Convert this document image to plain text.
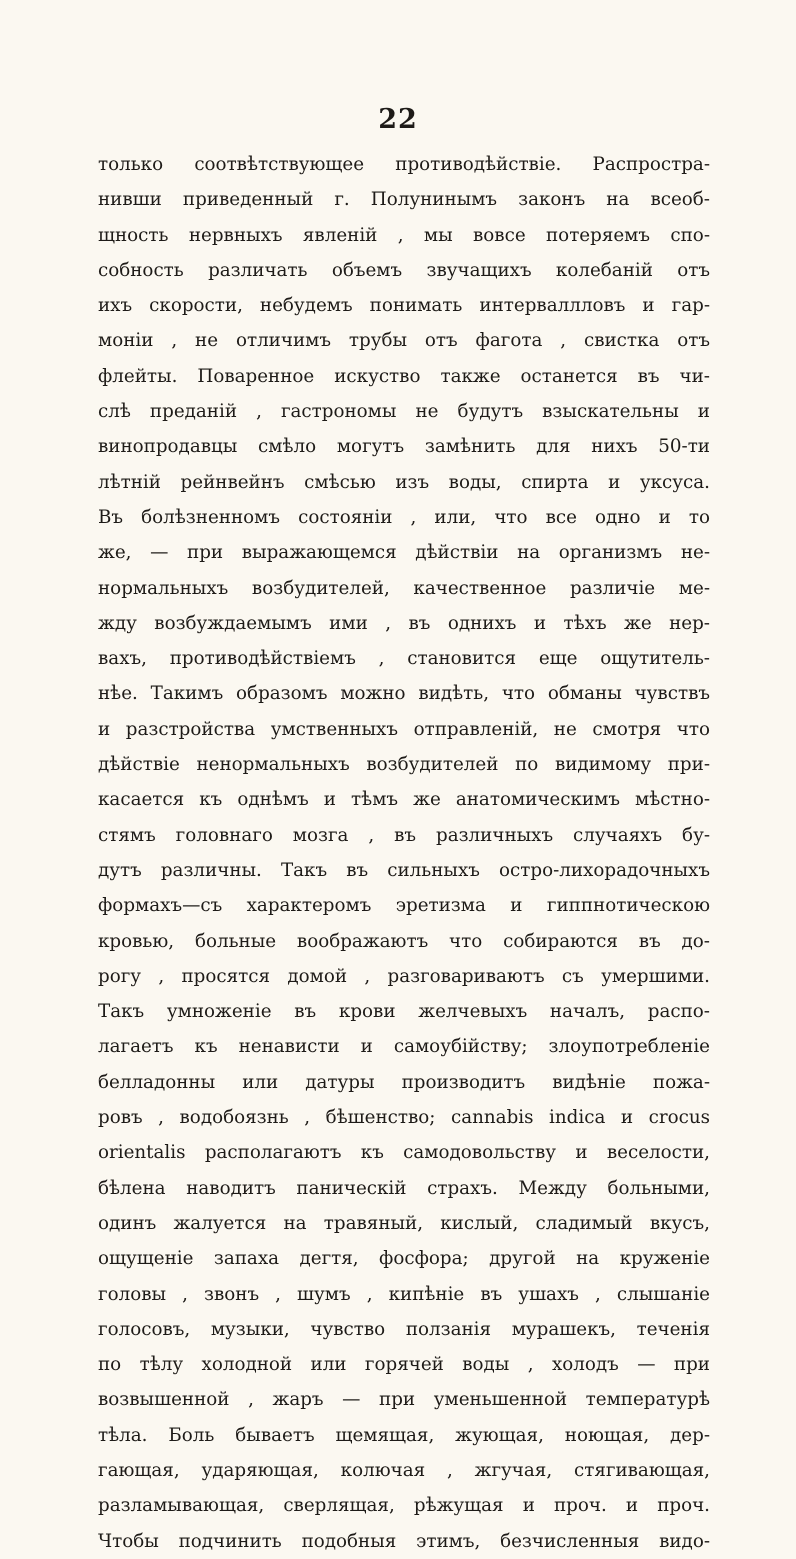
22
только соотвѣтствующее противодѣйствіе. Распростра-
нивши приведенный г. Полунинымъ законъ на всеоб-
щность нервныхъ явленій , мы вовсе потеряемъ спо-
собность различать объемъ звучащихъ колебаній отъ
ихъ скорости, небудемъ понимать интерваллловъ и гар-
моніи , не отличимъ трубы отъ фагота , свистка отъ
флейты. Поваренное искуство также останется въ чи-
слѣ преданій , гастрономы не будутъ взыскательны и
винопродавцы смѣло могутъ замѣнить для нихъ 50-ти
лѣтній рейнвейнъ смѣсью изъ воды, спирта и уксуса.
Въ болѣзненномъ состояніи , или, что все одно и то
же, — при выражающемся дѣйствіи на организмъ не-
нормальныхъ возбудителей, качественное различіе ме-
жду возбуждаемымъ ими , въ однихъ и тѣхъ же нер-
вахъ, противодѣйствіемъ , становится еще ощутитель-
нѣе. Такимъ образомъ можно видѣть, что обманы чувствъ
и разстройства умственныхъ отправленій, не смотря что
дѣйствіе ненормальныхъ возбудителей по видимому при-
касается къ однѣмъ и тѣмъ же анатомическимъ мѣстно-
стямъ головнаго мозга , въ различныхъ случаяхъ бу-
дутъ различны. Такъ въ сильныхъ остро-лихорадочныхъ
формахъ—съ характеромъ эретизма и гиппнотическою
кровью, больные воображаютъ что собираются въ до-
рогу , просятся домой , разговариваютъ съ умершими.
Такъ умноженіе въ крови желчевыхъ началъ, распо-
лагаетъ къ ненависти и самоубійству; злоупотребленіе
белладонны или датуры производитъ видѣніе пожа-
ровъ , водобоязнь , бѣшенство; cannabis indica и crocus
orientalis располагаютъ къ самодовольству и веселости,
бѣлена наводитъ паническій страхъ. Между больными,
одинъ жалуется на травяный, кислый, сладимый вкусъ,
ощущеніе запаха дегтя, фосфора; другой на круженіе
головы , звонъ , шумъ , кипѣніе въ ушахъ , слышаніе
голосовъ, музыки, чувство ползанія мурашекъ, теченія
по тѣлу холодной или горячей воды , холодъ — при
возвышенной , жаръ — при уменьшенной температурѣ
тѣла. Боль бываетъ щемящая, жующая, ноющая, дер-
гающая, ударяющая, колючая , жгучая, стягивающая,
разламывающая, сверлящая, рѣжущая и проч. и проч.
Чтобы подчинить подобныя этимъ, безчисленныя видо-
